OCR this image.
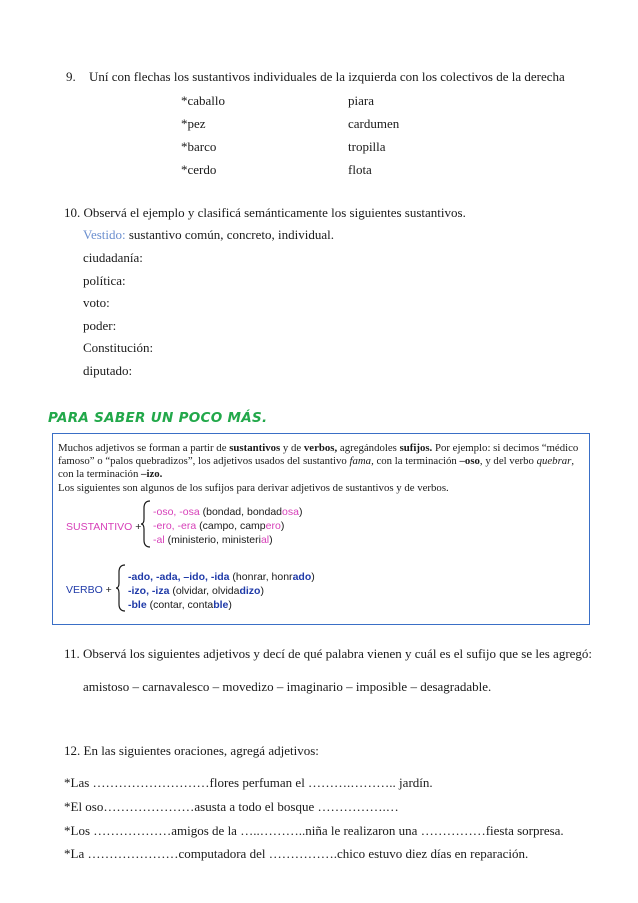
9. Uní con flechas los sustantivos individuales de la izquierda con los colectivos de la derecha
*caballo
*pez
*barco
*cerdo
piara
cardumen
tropilla
flota
10. Observá el ejemplo y clasificá semánticamente los siguientes sustantivos.
Vestido: sustantivo común, concreto, individual.
ciudadanía:
política:
voto:
poder:
Constitución:
diputado:
PARA SABER UN POCO MÁS.
Muchos adjetivos se forman a partir de sustantivos y de verbos, agregándoles sufijos. Por ejemplo: si decimos “médico famoso” o “palos quebradizos”, los adjetivos usados del sustantivo fama, con la terminación –oso, y del verbo quebrar, con la terminación –izo.
Los siguientes son algunos de los sufijos para derivar adjetivos de sustantivos y de verbos.
SUSTANTIVO +
-oso, -osa (bondad, bondadosa)
-ero, -era (campo, campero)
-al (ministerio, ministerial)
VERBO +
-ado, -ada, –ido, -ida (honrar, honrado)
-izo, -iza (olvidar, olvidadizo)
-ble (contar, contable)
11. Observá los siguientes adjetivos y decí de qué palabra vienen y cuál es el sufijo que se les agregó:
amistoso – carnavalesco – movedizo – imaginario – imposible – desagradable.
12. En las siguientes oraciones, agregá adjetivos:
*Las ………………………flores perfuman el ……….……….. jardín.
*El oso…………………asusta a todo el bosque …………….…
*Los ………………amigos de la …..………..niña le realizaron una ……………fiesta sorpresa.
*La …………………computadora del …………….chico estuvo diez días en reparación.
